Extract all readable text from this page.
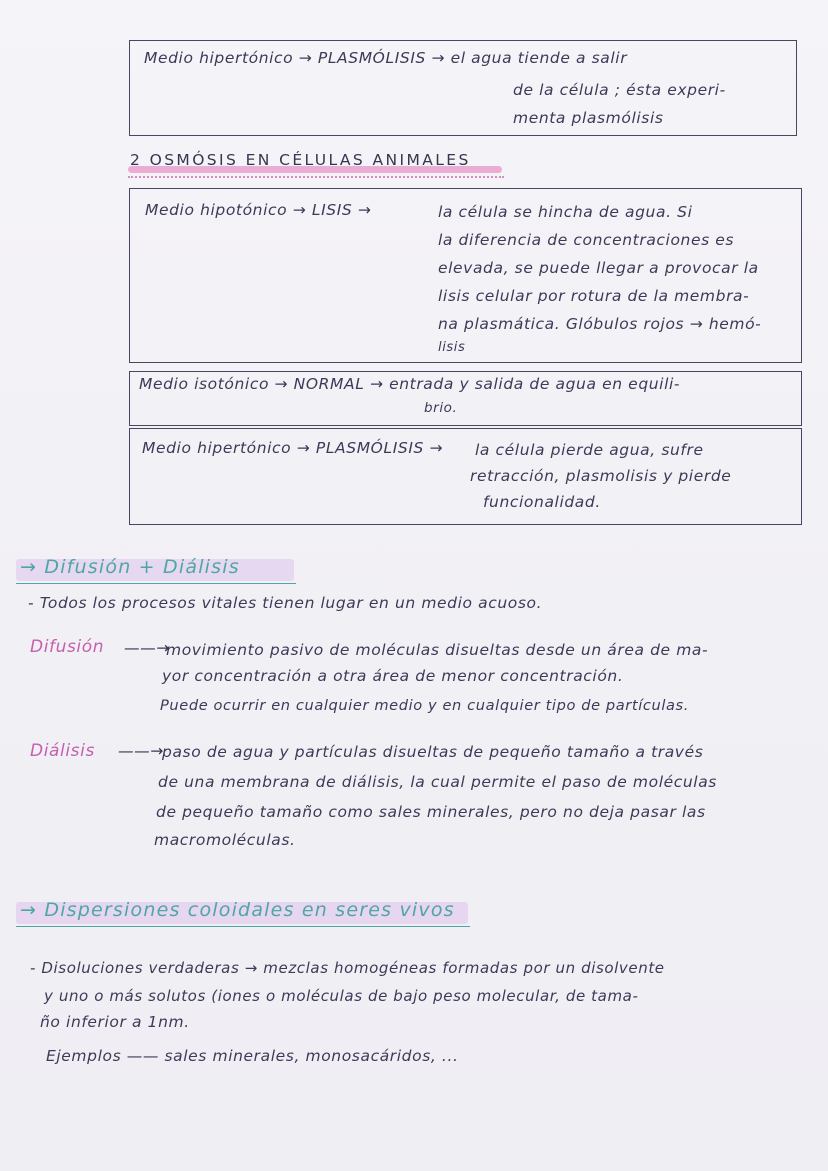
Medio hipertónico → PLASMÓLISIS → el agua tiende a salir
de la célula ; ésta experi-
menta plasmólisis
2 OSMÓSIS EN CÉLULAS ANIMALES
Medio hipotónico → LISIS →	la célula se hincha de agua. Si
la diferencia de concentraciones es
elevada, se puede llegar a provocar la
lisis celular por rotura de la membra-
na plasmática. Glóbulos rojos → hemó-
lisis
Medio isotónico → NORMAL → entrada y salida de agua en equili-
brio.
Medio hipertónico → PLASMÓLISIS → la célula pierde agua, sufre
retracción, plasmolisis y pierde
funcionalidad.
→ Difusión + Diálisis
- Todos los procesos vitales tienen lugar en un medio acuoso.
Difusión ——→
movimiento pasivo de moléculas disueltas desde un área de ma-
yor concentración a otra área de menor concentración.
Puede ocurrir en cualquier medio y en cualquier tipo de partículas.
Diálisis ——→
paso de agua y partículas disueltas de pequeño tamaño a través
de una membrana de diálisis, la cual permite el paso de moléculas
de pequeño tamaño como sales minerales, pero no deja pasar las
macromoléculas.
→ Dispersiones coloidales en seres vivos
- Disoluciones verdaderas → mezclas homogéneas formadas por un disolvente
y uno o más solutos (iones o moléculas de bajo peso molecular, de tama-
ño inferior a 1nm.
Ejemplos —— sales minerales, monosacáridos, ...
